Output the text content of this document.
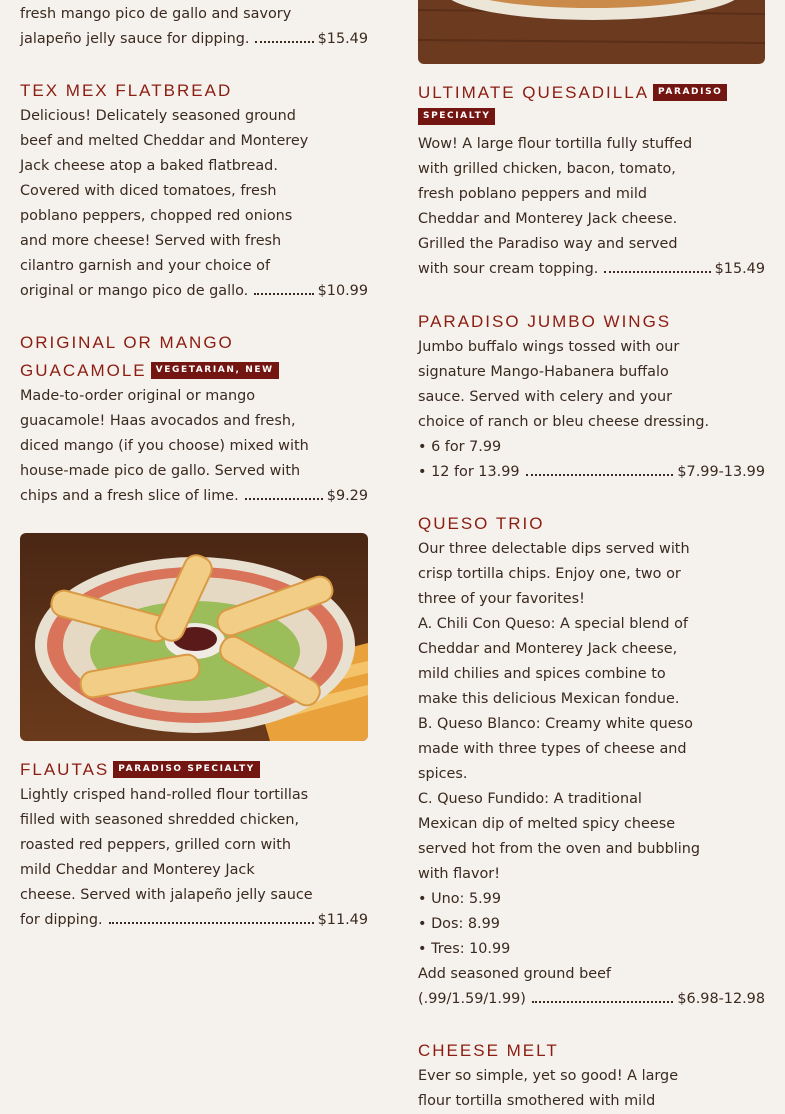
fresh mango pico de gallo and savory

jalapeño jelly sauce for dipping.	$15.49
TEX MEX FLATBREAD

Delicious! Delicately seasoned ground
beef and melted Cheddar and Monterey
Jack cheese atop a baked flatbread.
Covered with diced tomatoes, fresh
poblano peppers, chopped red onions
and more cheese! Served with fresh
cilantro garnish and your choice of

original or mango pico de gallo.	$10.99
ORIGINAL OR MANGO
GUACAMOLE VEGETARIAN, NEW

Made-to-order original or mango
guacamole! Haas avocados and fresh,
diced mango (if you choose) mixed with
house-made pico de gallo. Served with

chips and a fresh slice of lime.	$9.29
FLAUTAS PARADISO SPECIALTY

Lightly crisped hand-rolled flour tortillas
filled with seasoned shredded chicken,
roasted red peppers, grilled corn with
mild Cheddar and Monterey Jack
cheese. Served with jalapeño jelly sauce

for dipping.	$11.49
ULTIMATE QUESADILLA PARADISO
SPECIALTY

Wow! A large flour tortilla fully stuffed
with grilled chicken, bacon, tomato,
fresh poblano peppers and mild
Cheddar and Monterey Jack cheese.
Grilled the Paradiso way and served

with sour cream topping.	$15.49
PARADISO JUMBO WINGS

Jumbo buffalo wings tossed with our
signature Mango-Habanera buffalo
sauce. Served with celery and your
choice of ranch or bleu cheese dressing.
• 6 for 7.99

• 12 for 13.99	$7.99-13.99
QUESO TRIO

Our three delectable dips served with
crisp tortilla chips. Enjoy one, two or
three of your favorites!
A. Chili Con Queso: A special blend of
Cheddar and Monterey Jack cheese,
mild chilies and spices combine to
make this delicious Mexican fondue.
B. Queso Blanco: Creamy white queso
made with three types of cheese and
spices.
C. Queso Fundido: A traditional
Mexican dip of melted spicy cheese
served hot from the oven and bubbling
with flavor!
• Uno: 5.99
• Dos: 8.99
• Tres: 10.99
Add seasoned ground beef

(.99/1.59/1.99)	$6.98-12.98
CHEESE MELT

Ever so simple, yet so good! A large
flour tortilla smothered with mild
